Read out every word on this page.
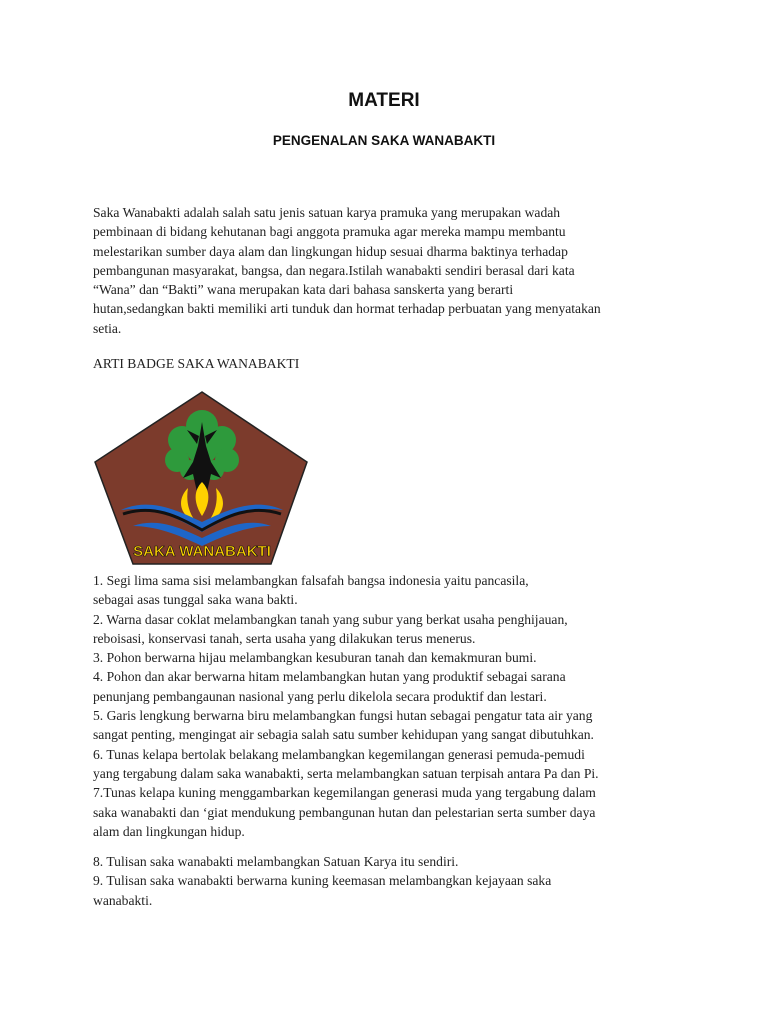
MATERI
PENGENALAN SAKA WANABAKTI
Saka Wanabakti adalah salah satu jenis satuan karya pramuka yang merupakan wadah
pembinaan di bidang kehutanan bagi anggota pramuka agar mereka mampu membantu
melestarikan sumber daya alam dan lingkungan hidup sesuai dharma baktinya terhadap
pembangunan masyarakat, bangsa, dan negara.Istilah wanabakti sendiri berasal dari kata
“Wana” dan “Bakti” wana merupakan kata dari bahasa sanskerta yang berarti
hutan,sedangkan bakti memiliki arti tunduk dan hormat terhadap perbuatan yang menyatakan
setia.
ARTI BADGE SAKA WANABAKTI
SAKA WANABAKTI
1. Segi lima sama sisi melambangkan falsafah bangsa indonesia yaitu pancasila,
sebagai asas tunggal saka wana bakti.
2. Warna dasar coklat melambangkan tanah yang subur yang berkat usaha penghijauan,
reboisasi, konservasi tanah, serta usaha yang dilakukan terus menerus.
3. Pohon berwarna hijau melambangkan kesuburan tanah dan kemakmuran bumi.
4. Pohon dan akar berwarna hitam melambangkan hutan yang produktif sebagai sarana
penunjang pembangaunan nasional yang perlu dikelola secara produktif dan lestari.
5. Garis lengkung berwarna biru melambangkan fungsi hutan sebagai pengatur tata air yang
sangat penting, mengingat air sebagia salah satu sumber kehidupan yang sangat dibutuhkan.
6. Tunas kelapa bertolak belakang melambangkan kegemilangan generasi pemuda-pemudi
yang tergabung dalam saka wanabakti, serta melambangkan satuan terpisah antara Pa dan Pi.
7.Tunas kelapa kuning menggambarkan kegemilangan generasi muda yang tergabung dalam
saka wanabakti dan ‘giat mendukung pembangunan hutan dan pelestarian serta sumber daya
alam dan lingkungan hidup.
8. Tulisan saka wanabakti melambangkan Satuan Karya itu sendiri.
9. Tulisan saka wanabakti berwarna kuning keemasan melambangkan kejayaan saka
wanabakti.
